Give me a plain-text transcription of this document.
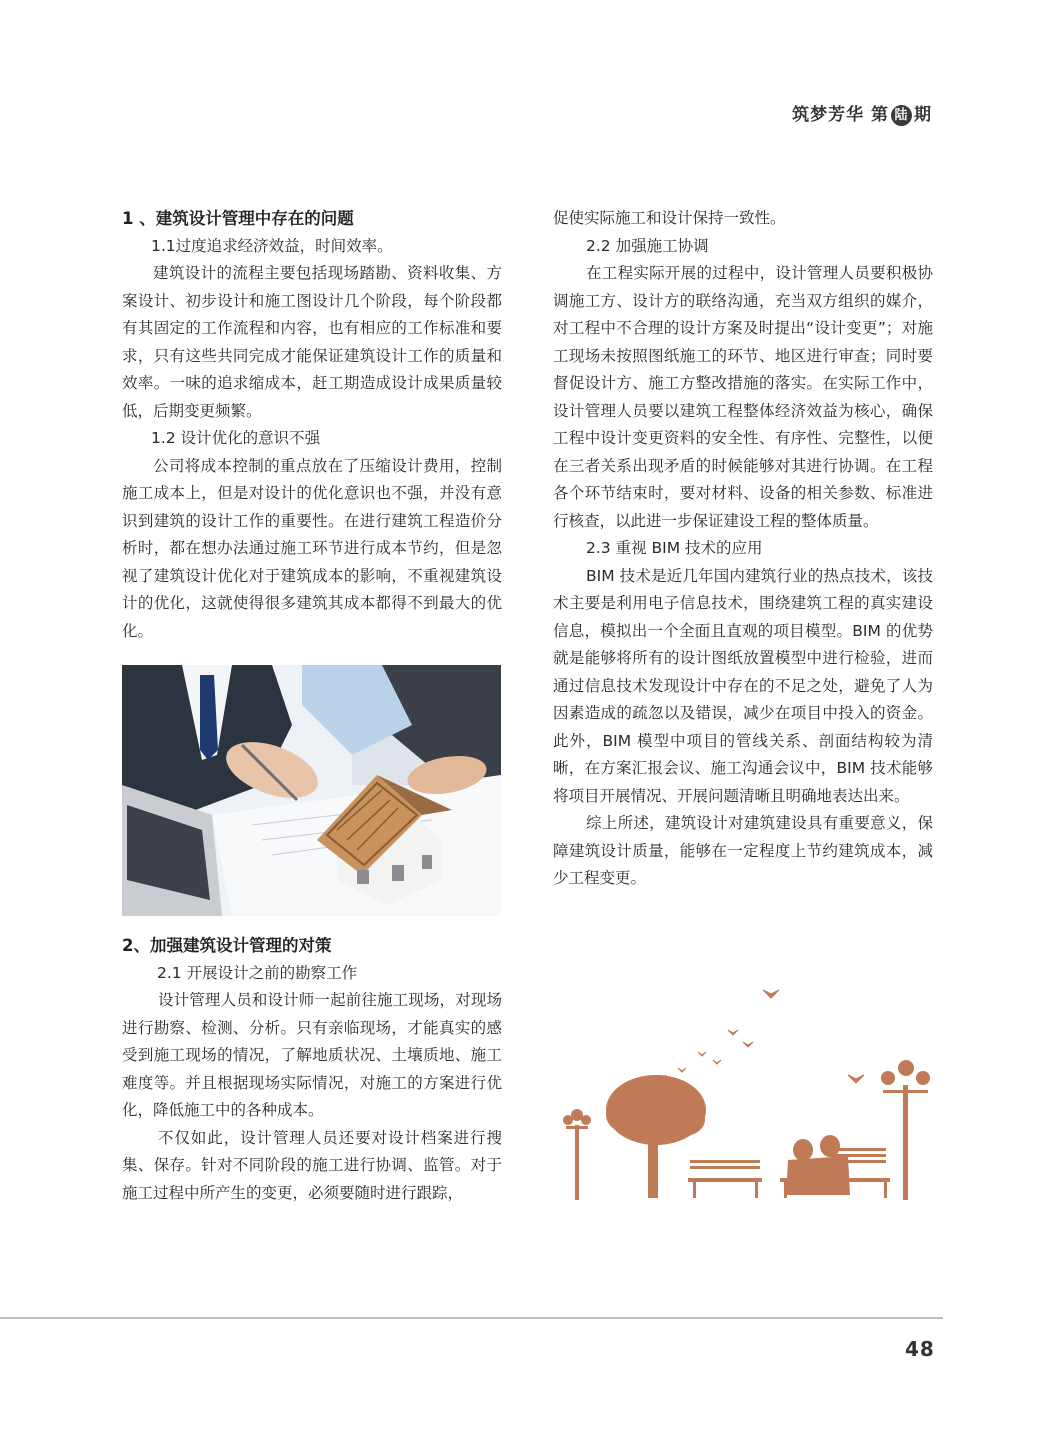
筑梦芳华 第 陆 期

1 、建筑设计管理中存在的问题

1.1过度追求经济效益，时间效率。

建筑设计的流程主要包括现场踏勘、资料收集、方案设计、初步设计和施工图设计几个阶段，每个阶段都有其固定的工作流程和内容，也有相应的工作标准和要求，只有这些共同完成才能保证建筑设计工作的质量和效率。一味的追求缩成本，赶工期造成设计成果质量较低，后期变更频繁。

1.2 设计优化的意识不强

公司将成本控制的重点放在了压缩设计费用，控制施工成本上，但是对设计的优化意识也不强，并没有意识到建筑的设计工作的重要性。在进行建筑工程造价分析时，都在想办法通过施工环节进行成本节约，但是忽视了建筑设计优化对于建筑成本的影响，不重视建筑设计的优化，这就使得很多建筑其成本都得不到最大的优化。

2、加强建筑设计管理的对策

2.1 开展设计之前的勘察工作

设计管理人员和设计师一起前往施工现场，对现场进行勘察、检测、分析。只有亲临现场，才能真实的感受到施工现场的情况，了解地质状况、土壤质地、施工难度等。并且根据现场实际情况，对施工的方案进行优化，降低施工中的各种成本。

不仅如此，设计管理人员还要对设计档案进行搜集、保存。针对不同阶段的施工进行协调、监管。对于施工过程中所产生的变更，必须要随时进行跟踪，

促使实际施工和设计保持一致性。

2.2 加强施工协调

在工程实际开展的过程中，设计管理人员要积极协调施工方、设计方的联络沟通，充当双方组织的媒介，对工程中不合理的设计方案及时提出“设计变更”；对施工现场未按照图纸施工的环节、地区进行审查；同时要督促设计方、施工方整改措施的落实。在实际工作中，设计管理人员要以建筑工程整体经济效益为核心，确保工程中设计变更资料的安全性、有序性、完整性，以便在三者关系出现矛盾的时候能够对其进行协调。在工程各个环节结束时，要对材料、设备的相关参数、标准进行核查，以此进一步保证建设工程的整体质量。

2.3 重视 BIM 技术的应用

BIM 技术是近几年国内建筑行业的热点技术，该技术主要是利用电子信息技术，围绕建筑工程的真实建设信息，模拟出一个全面且直观的项目模型。BIM 的优势就是能够将所有的设计图纸放置模型中进行检验，进而通过信息技术发现设计中存在的不足之处，避免了人为因素造成的疏忽以及错误，减少在项目中投入的资金。此外，BIM 模型中项目的管线关系、剖面结构较为清晰，在方案汇报会议、施工沟通会议中，BIM 技术能够将项目开展情况、开展问题清晰且明确地表达出来。

综上所述，建筑设计对建筑建设具有重要意义，保障建筑设计质量，能够在一定程度上节约建筑成本，减少工程变更。

48
